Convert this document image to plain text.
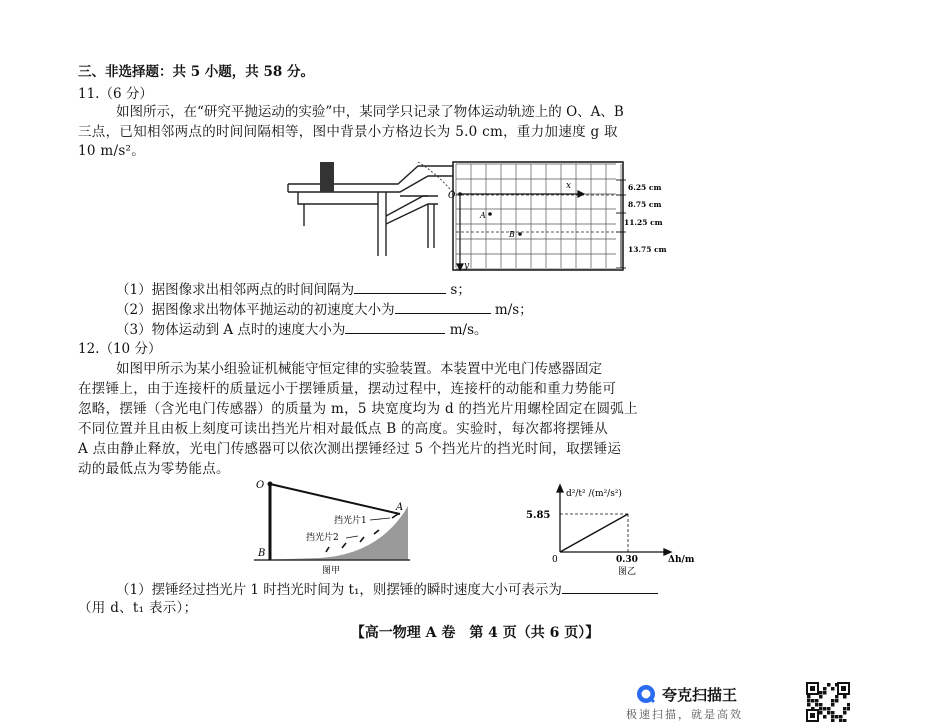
三、非选择题：共 5 小题，共 58 分。
11.（6 分）
如图所示，在“研究平抛运动的实验”中，某同学只记录了物体运动轨迹上的 O、A、B
三点，已知相邻两点的时间间隔相等，图中背景小方格边长为 5.0 cm，重力加速度 g 取
10 m/s²。
x
y
O
A
B
6.25 cm
8.75 cm
11.25 cm
13.75 cm
（1）据图像求出相邻两点的时间间隔为	s；
（2）据图像求出物体平抛运动的初速度大小为	m/s；
（3）物体运动到 A 点时的速度大小为	m/s。
12.（10 分）
如图甲所示为某小组验证机械能守恒定律的实验装置。本装置中光电门传感器固定
在摆锤上，由于连接杆的质量远小于摆锤质量，摆动过程中，连接杆的动能和重力势能可
忽略，摆锤（含光电门传感器）的质量为 m，5 块宽度均为 d 的挡光片用螺栓固定在圆弧上
不同位置并且由板上刻度可读出挡光片相对最低点 B 的高度。实验时，每次都将摆锤从
A 点由静止释放，光电门传感器可以依次测出摆锤经过 5 个挡光片的挡光时间，取摆锤运
动的最低点为零势能点。
O
A
B
挡光片1
挡光片2
图甲
d²/t² /(m²/s²)
5.85
0	0.30	Δh/m
图乙
（1）摆锤经过挡光片 1 时挡光时间为 t₁，则摆锤的瞬时速度大小可表示为
（用 d、t₁ 表示）；
【高一物理 A 卷　第 4 页（共 6 页）】
夸克扫描王
极速扫描，就是高效
